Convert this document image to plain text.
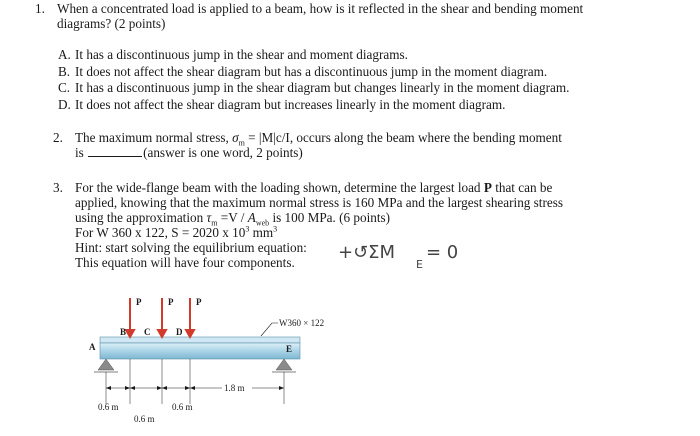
1. When a concentrated load is applied to a beam, how is it reflected in the shear and bending moment
diagrams? (2 points)
A. It has a discontinuous jump in the shear and moment diagrams.
B. It does not affect the shear diagram but has a discontinuous jump in the moment diagram.
C. It has a discontinuous jump in the shear diagram but changes linearly in the moment diagram.
D. It does not affect the shear diagram but increases linearly in the moment diagram.
2. The maximum normal stress, $\sigma_m = |M|c/I$, occurs along the beam where the bending moment
is	(answer is one word, 2 points)
3. For the wide-flange beam with the loading shown, determine the largest load P that can be
applied, knowing that the maximum normal stress is 160 MPa and the largest shearing stress
using the approximation $\tau_m =V / A_{web}$ is 100 MPa. (6 points)
For W 360 x 122, S = 2020 x $10^3$ $mm^3$
Hint: start solving the equilibrium equation:
This equation will have four components.	+↺ΣM
E
= 0
P	P	P
A
B C	D
E
W360 × 122
1.8 m
0.6 m	0.6 m
0.6 m
